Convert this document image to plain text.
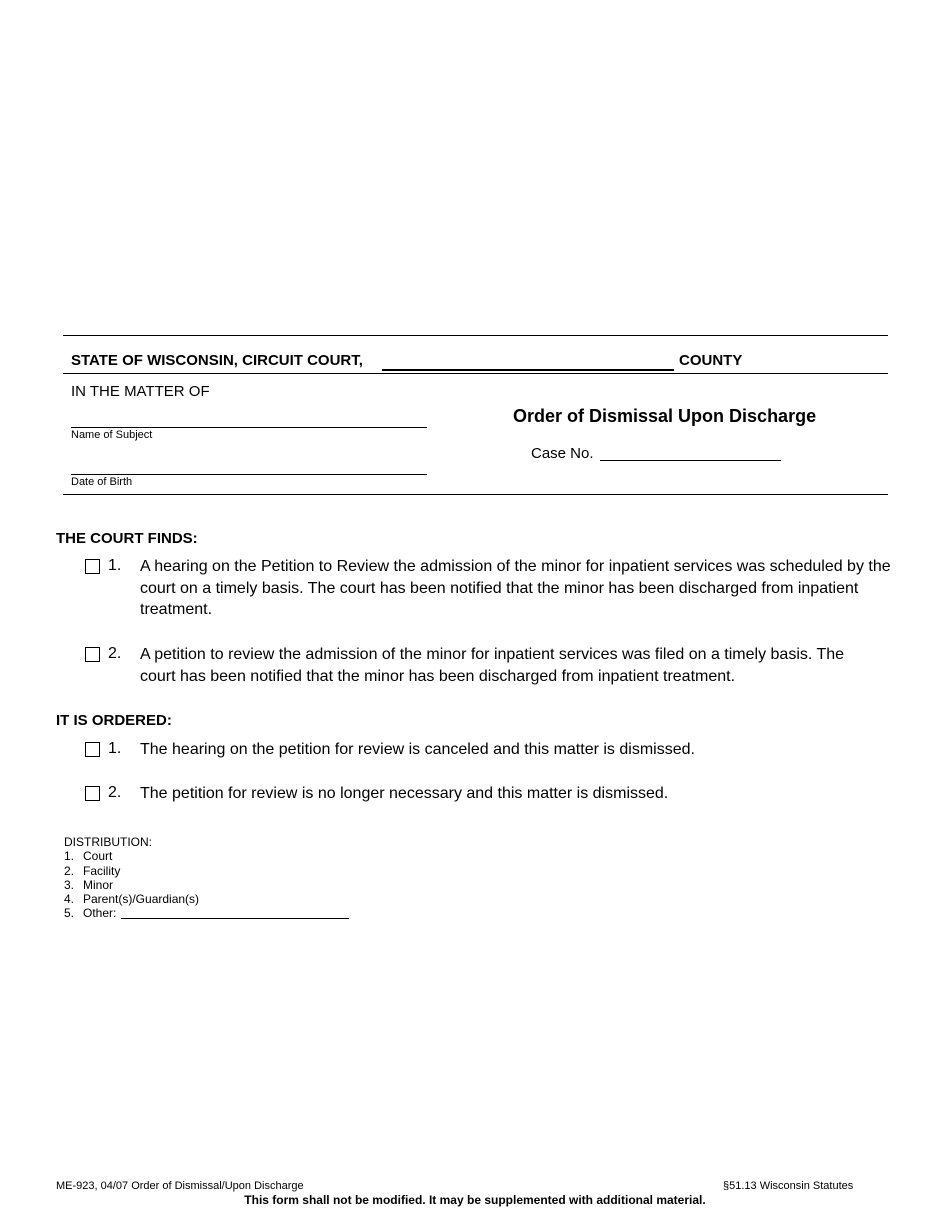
STATE OF WISCONSIN, CIRCUIT COURT,	COUNTY
IN THE MATTER OF
Name of Subject
Date of Birth
Order of Dismissal Upon Discharge
Case No.
THE COURT FINDS:
1. A hearing on the Petition to Review the admission of the minor for inpatient services was scheduled by the court on a timely basis. The court has been notified that the minor has been discharged from inpatient treatment.
2. A petition to review the admission of the minor for inpatient services was filed on a timely basis. The court has been notified that the minor has been discharged from inpatient treatment.
IT IS ORDERED:
1. The hearing on the petition for review is canceled and this matter is dismissed.
2. The petition for review is no longer necessary and this matter is dismissed.
DISTRIBUTION:
1. Court
2. Facility
3. Minor
4. Parent(s)/Guardian(s)
5. Other:
ME-923, 04/07 Order of Dismissal/Upon Discharge	§51.13 Wisconsin Statutes
This form shall not be modified. It may be supplemented with additional material.
